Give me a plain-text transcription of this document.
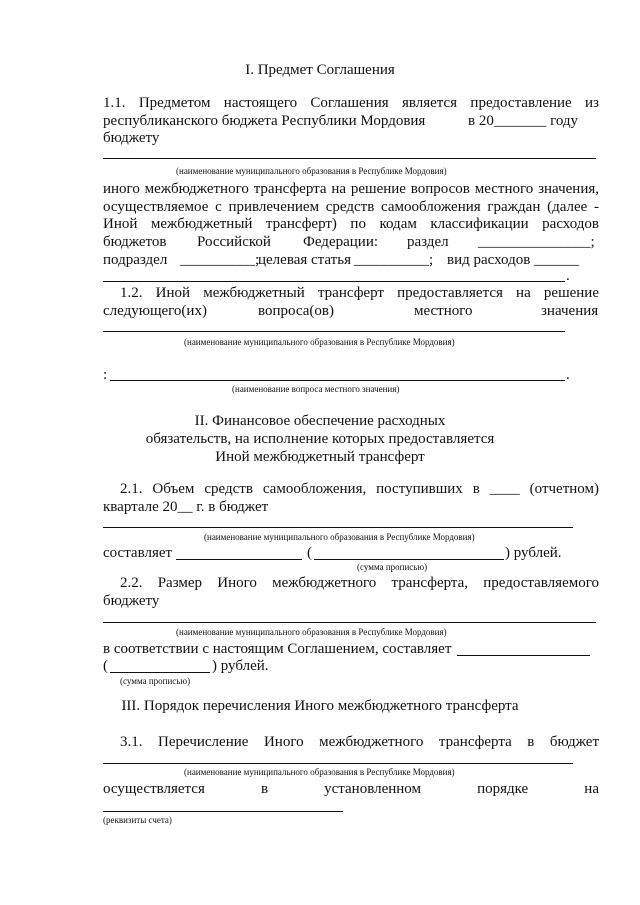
I. Предмет Соглашения
1.1. Предметом настоящего Соглашения является предоставление из
республиканского бюджета Республики Мордовия	в 20_______ году
бюджету
(наименование муниципального образования в Республике Мордовия)
иного межбюджетного трансферта на решение вопросов местного значения,
осуществляемое с привлечением средств самообложения граждан (далее -
Иной межбюджетный трансферт) по кодам классификации расходов
бюджетов Российской Федерации: раздел _______________;
подраздел __________;
целевая статья __________; вид расходов ______
.
1.2. Иной межбюджетный трансферт предоставляется на решение
следующего(их)	вопроса(ов)	местного	значения
(наименование муниципального образования в Республике Мордовия)
:	.
(наименование вопроса местного значения)
II. Финансовое обеспечение расходных
обязательств, на исполнение которых предоставляется
Иной межбюджетный трансферт
2.1. Объем средств самообложения, поступивших в ____ (отчетном)
квартале 20__ г. в бюджет
(наименование муниципального образования в Республике Мордовия)
составляет	(	) рублей.
(сумма прописью)
2.2. Размер Иного межбюджетного трансферта, предоставляемого
бюджету
(наименование муниципального образования в Республике Мордовия)
в соответствии с настоящим Соглашением, составляет
(	) рублей.
(сумма прописью)
III. Порядок перечисления Иного межбюджетного трансферта
3.1. Перечисление Иного межбюджетного трансферта в бюджет
(наименование муниципального образования в Республике Мордовия)
осуществляется в установленном порядке на
(реквизиты счета)
